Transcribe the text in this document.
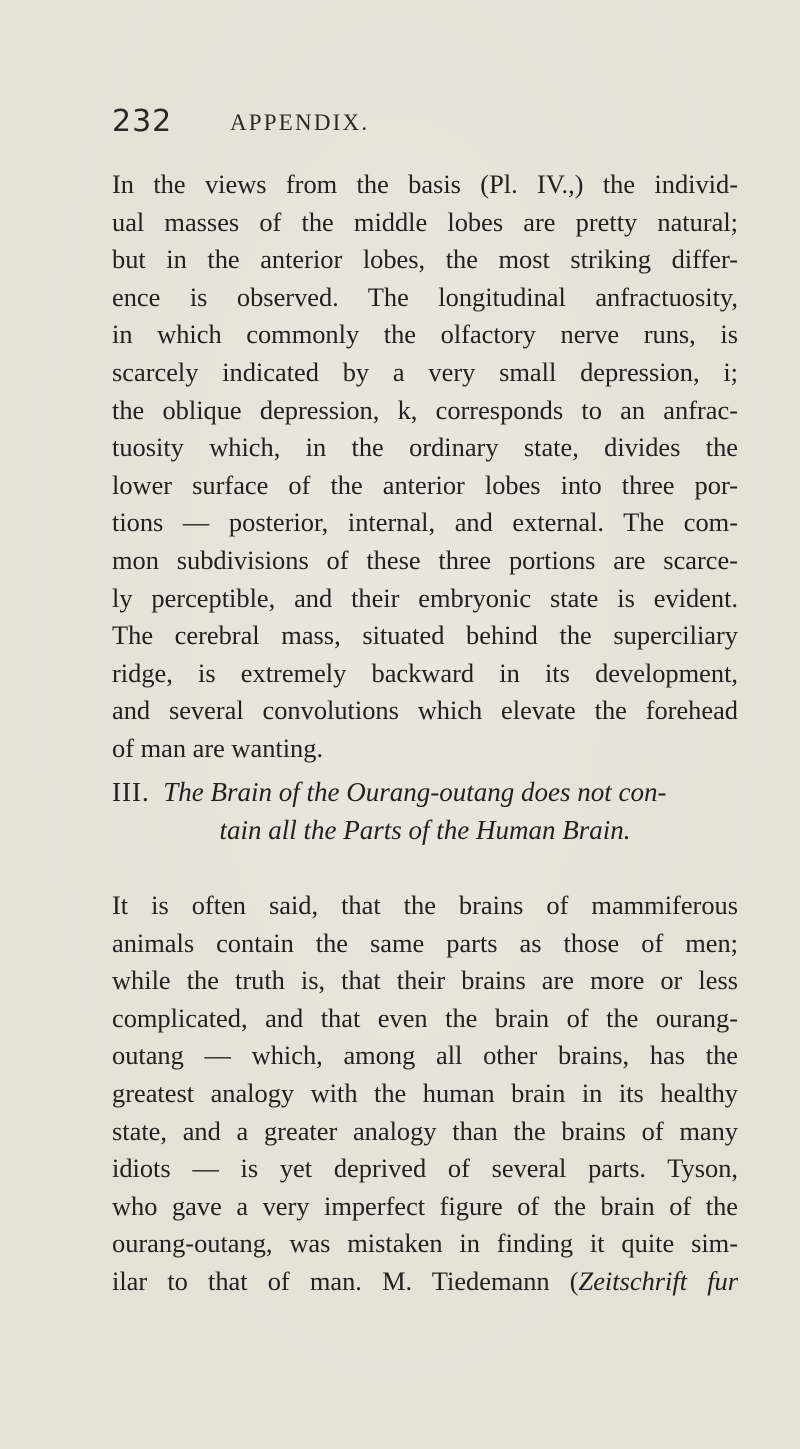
232	APPENDIX.
In the views from the basis (Pl. IV.,) the individ-
ual masses of the middle lobes are pretty natural;
but in the anterior lobes, the most striking differ-
ence is observed. The longitudinal anfractuosity,
in which commonly the olfactory nerve runs, is
scarcely indicated by a very small depression, i;
the oblique depression, k, corresponds to an anfrac-
tuosity which, in the ordinary state, divides the
lower surface of the anterior lobes into three por-
tions — posterior, internal, and external. The com-
mon subdivisions of these three portions are scarce-
ly perceptible, and their embryonic state is evident.
The cerebral mass, situated behind the superciliary
ridge, is extremely backward in its development,
and several convolutions which elevate the forehead
of man are wanting.
III. The Brain of the Ourang-outang does not con-
tain all the Parts of the Human Brain.
It is often said, that the brains of mammiferous
animals contain the same parts as those of men;
while the truth is, that their brains are more or less
complicated, and that even the brain of the ourang-
outang — which, among all other brains, has the
greatest analogy with the human brain in its healthy
state, and a greater analogy than the brains of many
idiots — is yet deprived of several parts. Tyson,
who gave a very imperfect figure of the brain of the
ourang-outang, was mistaken in finding it quite sim-
ilar to that of man. M. Tiedemann (Zeitschrift fur
